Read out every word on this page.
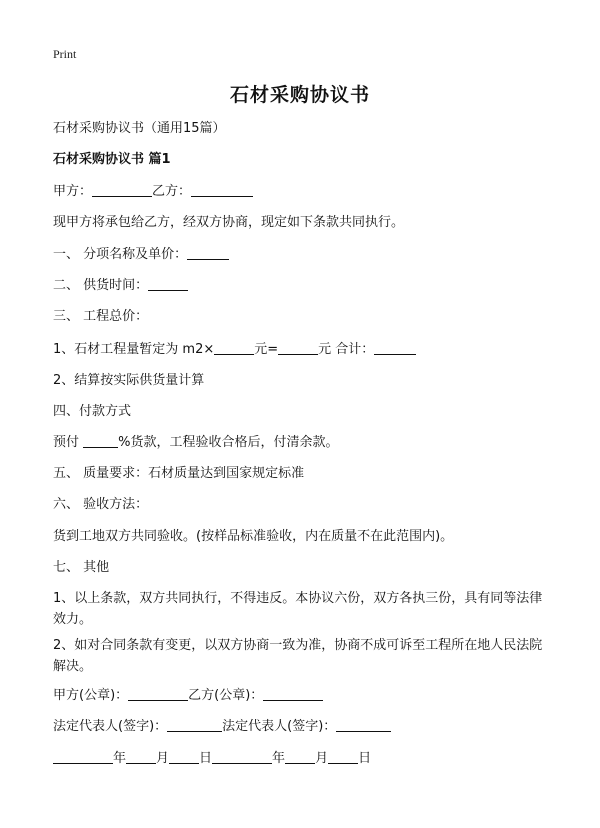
Print
石材采购协议书
石材采购协议书（通用15篇）
石材采购协议书 篇1
甲方：	乙方：
现甲方将承包给乙方，经双方协商，现定如下条款共同执行。
一、 分项名称及单价：
二、 供货时间：
三、 工程总价：
1、石材工程量暂定为 m2×	元=	元 合计：
2、结算按实际供货量计算
四、付款方式
预付	%货款，工程验收合格后，付清余款。
五、 质量要求：石材质量达到国家规定标准
六、 验收方法：
货到工地双方共同验收。(按样品标准验收，内在质量不在此范围内)。
七、 其他
1、以上条款，双方共同执行，不得违反。本协议六份，双方各执三份，具有同等法律效力。
2、如对合同条款有变更，以双方协商一致为准，协商不成可诉至工程所在地人民法院解决。
甲方(公章)：	乙方(公章)：
法定代表人(签字)：	法定代表人(签字)：
年 月 日	年 月 日
